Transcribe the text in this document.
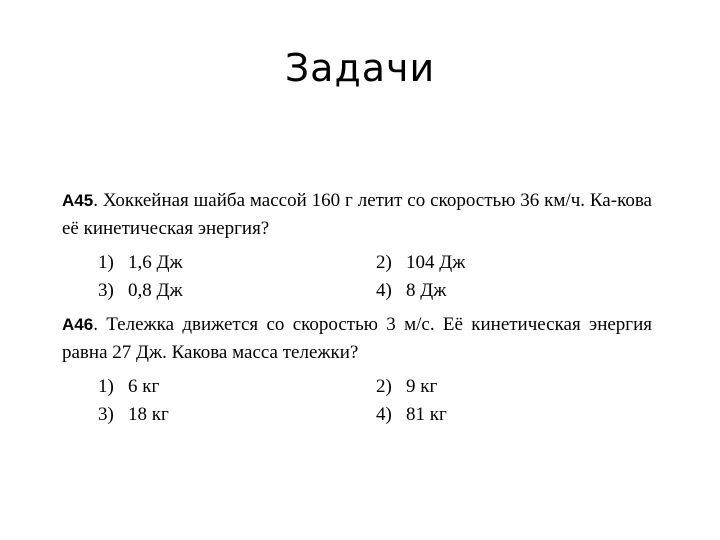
Задачи
A45. Хоккейная шайба массой 160 г летит со скоростью 36 км/ч. Ка-кова её кинетическая энергия?
1) 1,6 Дж	2) 104 Дж
3) 0,8 Дж	4) 8 Дж
A46. Тележка движется со скоростью 3 м/с. Её кинетическая энергия равна 27 Дж. Какова масса тележки?
1) 6 кг	2) 9 кг
3) 18 кг	4) 81 кг
